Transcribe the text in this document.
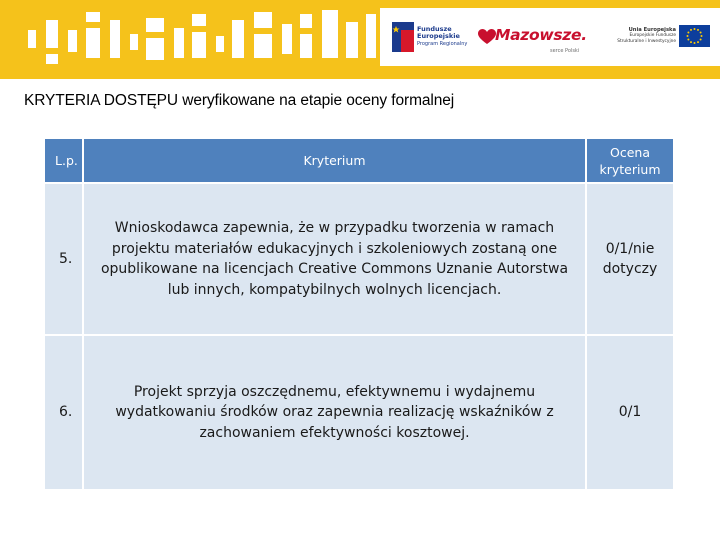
Fundusze
Europejskie
Program Regionalny Mazowsze.
serce Polski
Unia Europejska
Europejskie Fundusze
Strukturalne i Inwestycyjne
KRYTERIA DOSTĘPU weryfikowane na etapie oceny formalnej
L.p.	Kryterium	Ocena kryterium
5.	Wnioskodawca zapewnia, że w przypadku tworzenia w ramach projektu materiałów edukacyjnych i szkoleniowych zostaną one opublikowane na licencjach Creative Commons Uznanie Autorstwa lub innych, kompatybilnych wolnych licencjach.	0/1/nie dotyczy
6.	Projekt sprzyja oszczędnemu, efektywnemu i wydajnemu wydatkowaniu środków oraz zapewnia realizację wskaźników z zachowaniem efektywności kosztowej.	0/1
